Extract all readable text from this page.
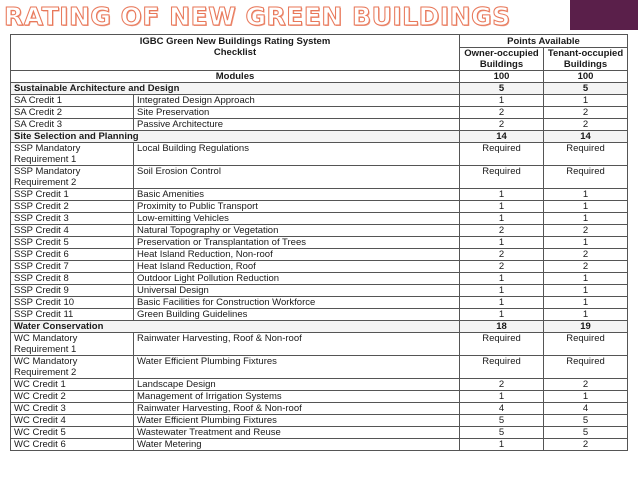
RATING OF NEW GREEN BUILDINGS
IGBC Green New Buildings Rating System
Checklist		Points Available	
		Owner-occupied Buildings	Tenant-occupied Buildings
Modules		100	100
Sustainable Architecture and Design		5	5
SA Credit 1	Integrated Design Approach	1	1
SA Credit 2	Site Preservation	2	2
SA Credit 3	Passive Architecture	2	2
Site Selection and Planning		14	14
SSP Mandatory Requirement 1	Local Building Regulations	Required	Required
SSP Mandatory Requirement 2	Soil Erosion Control	Required	Required
SSP Credit 1	Basic Amenities	1	1
SSP Credit 2	Proximity to Public Transport	1	1
SSP Credit 3	Low-emitting Vehicles	1	1
SSP Credit 4	Natural Topography or Vegetation	2	2
SSP Credit 5	Preservation or Transplantation of Trees	1	1
SSP Credit 6	Heat Island Reduction, Non-roof	2	2
SSP Credit 7	Heat Island Reduction, Roof	2	2
SSP Credit 8	Outdoor Light Pollution Reduction	1	1
SSP Credit 9	Universal Design	1	1
SSP Credit 10	Basic Facilities for Construction Workforce	1	1
SSP Credit 11	Green Building Guidelines	1	1
Water Conservation		18	19
WC Mandatory Requirement 1	Rainwater Harvesting, Roof & Non-roof	Required	Required
WC Mandatory Requirement 2	Water Efficient Plumbing Fixtures	Required	Required
WC Credit 1	Landscape Design	2	2
WC Credit 2	Management of Irrigation Systems	1	1
WC Credit 3	Rainwater Harvesting, Roof & Non-roof	4	4
WC Credit 4	Water Efficient Plumbing Fixtures	5	5
WC Credit 5	Wastewater Treatment and Reuse	5	5
WC Credit 6	Water Metering	1	2
